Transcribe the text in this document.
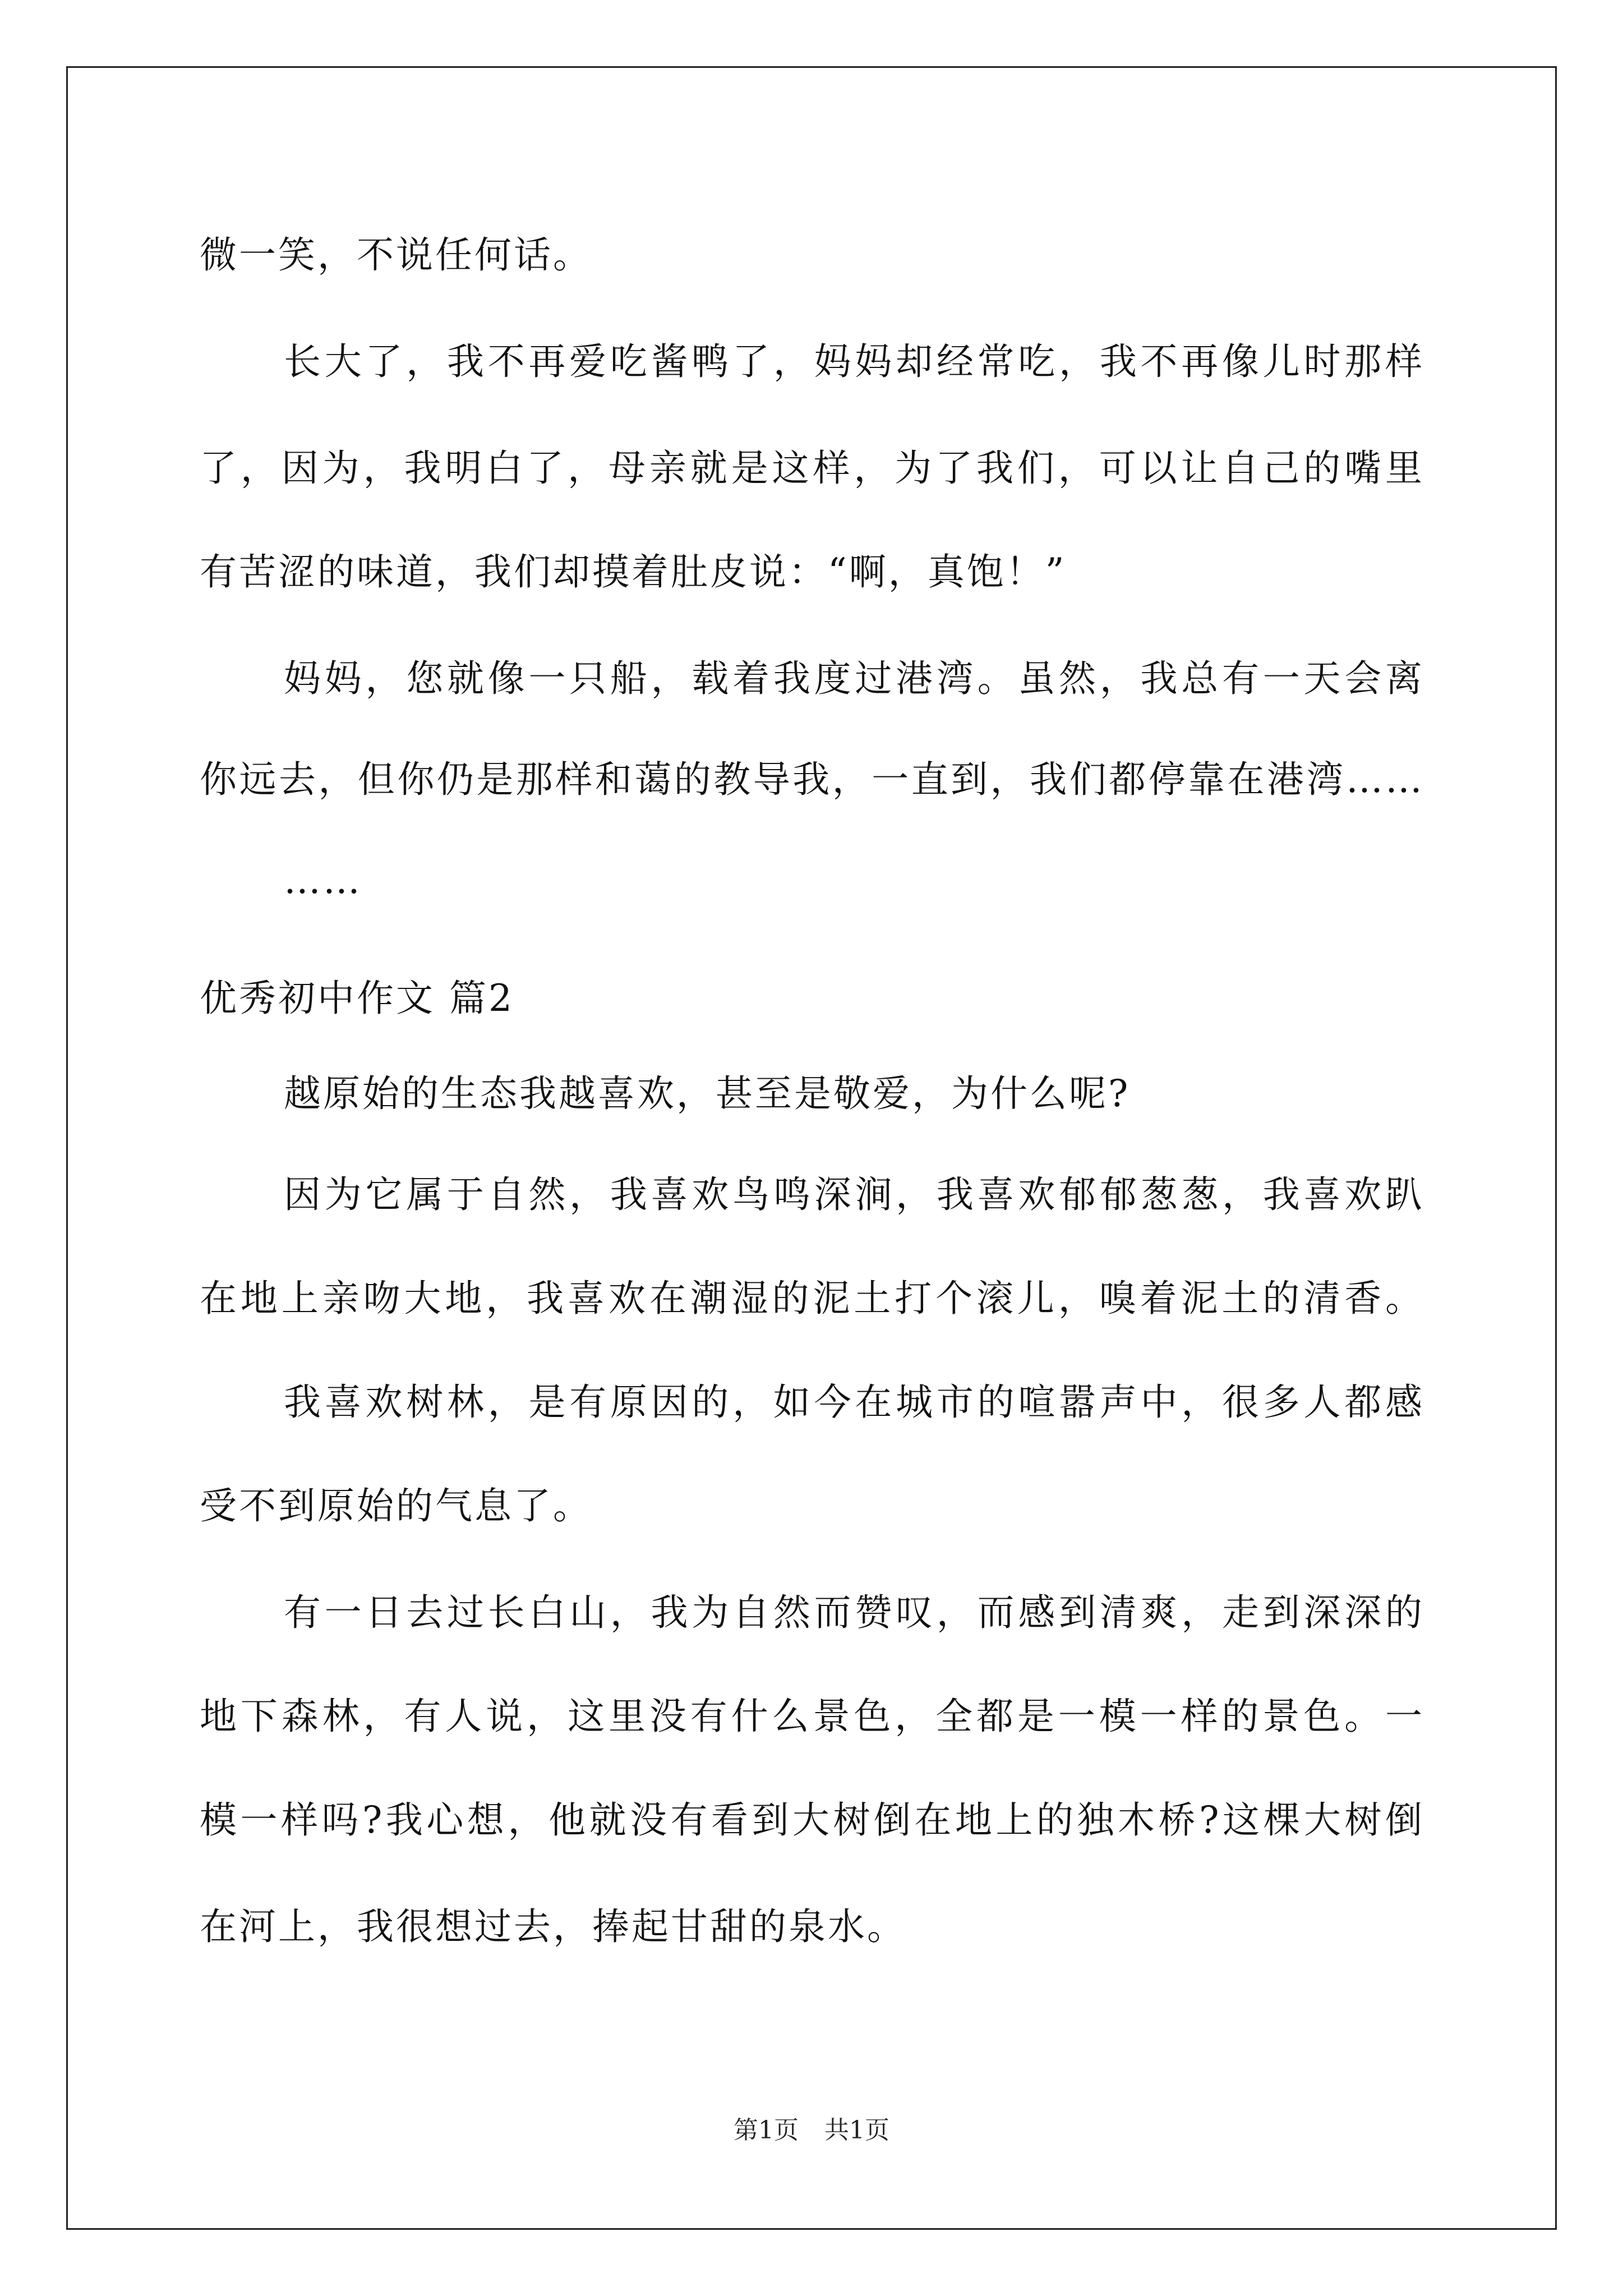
微一笑，不说任何话。
长大了，我不再爱吃酱鸭了，妈妈却经常吃，我不再像儿时那样
了，因为，我明白了，母亲就是这样，为了我们，可以让自己的嘴里
有苦涩的味道，我们却摸着肚皮说：“啊，真饱！”
妈妈，您就像一只船，载着我度过港湾。虽然，我总有一天会离
你远去，但你仍是那样和蔼的教导我，一直到，我们都停靠在港湾……
……
优秀初中作文 篇2
越原始的生态我越喜欢，甚至是敬爱，为什么呢?
因为它属于自然，我喜欢鸟鸣深涧，我喜欢郁郁葱葱，我喜欢趴
在地上亲吻大地，我喜欢在潮湿的泥土打个滚儿，嗅着泥土的清香。
我喜欢树林，是有原因的，如今在城市的喧嚣声中，很多人都感
受不到原始的气息了。
有一日去过长白山，我为自然而赞叹，而感到清爽，走到深深的
地下森林，有人说，这里没有什么景色，全都是一模一样的景色。一
模一样吗?我心想，他就没有看到大树倒在地上的独木桥?这棵大树倒
在河上，我很想过去，捧起甘甜的泉水。
第1页 共1页
